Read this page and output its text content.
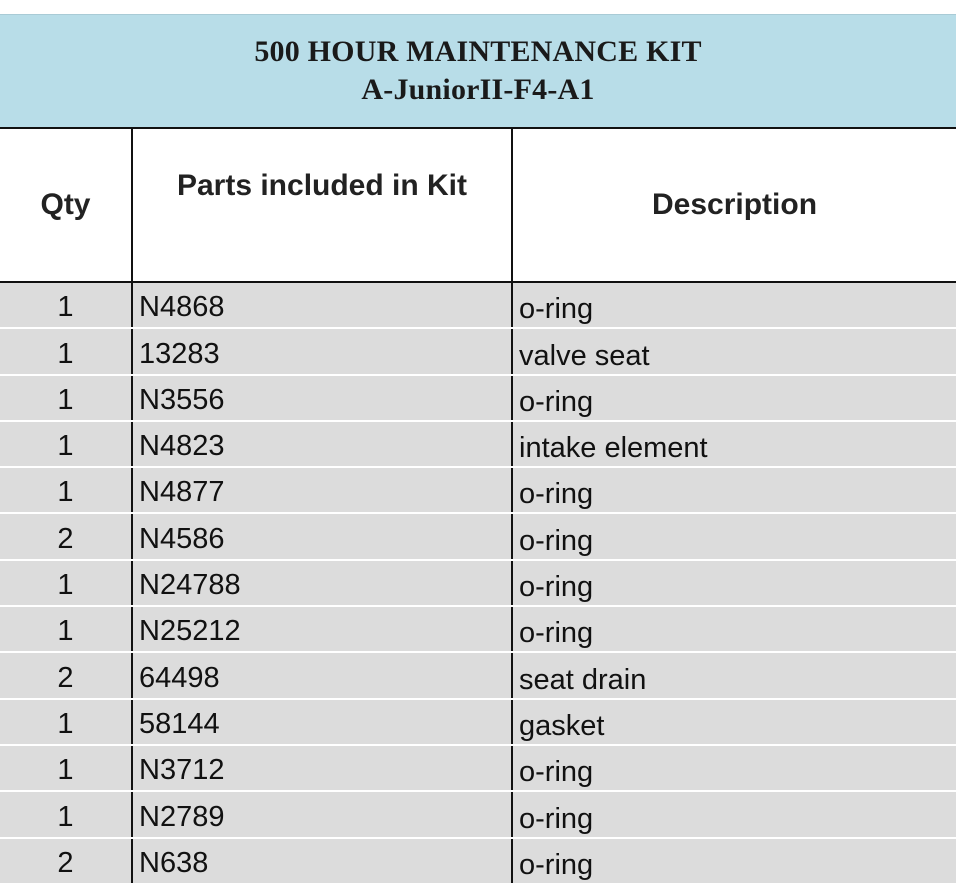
500 HOUR MAINTENANCE KIT
A-JuniorII-F4-A1
Qty	Parts included in Kit	Description
1	N4868	o-ring
1	13283	valve seat
1	N3556	o-ring
1	N4823	intake element
1	N4877	o-ring
2	N4586	o-ring
1	N24788	o-ring
1	N25212	o-ring
2	64498	seat drain
1	58144	gasket
1	N3712	o-ring
1	N2789	o-ring
2	N638	o-ring
